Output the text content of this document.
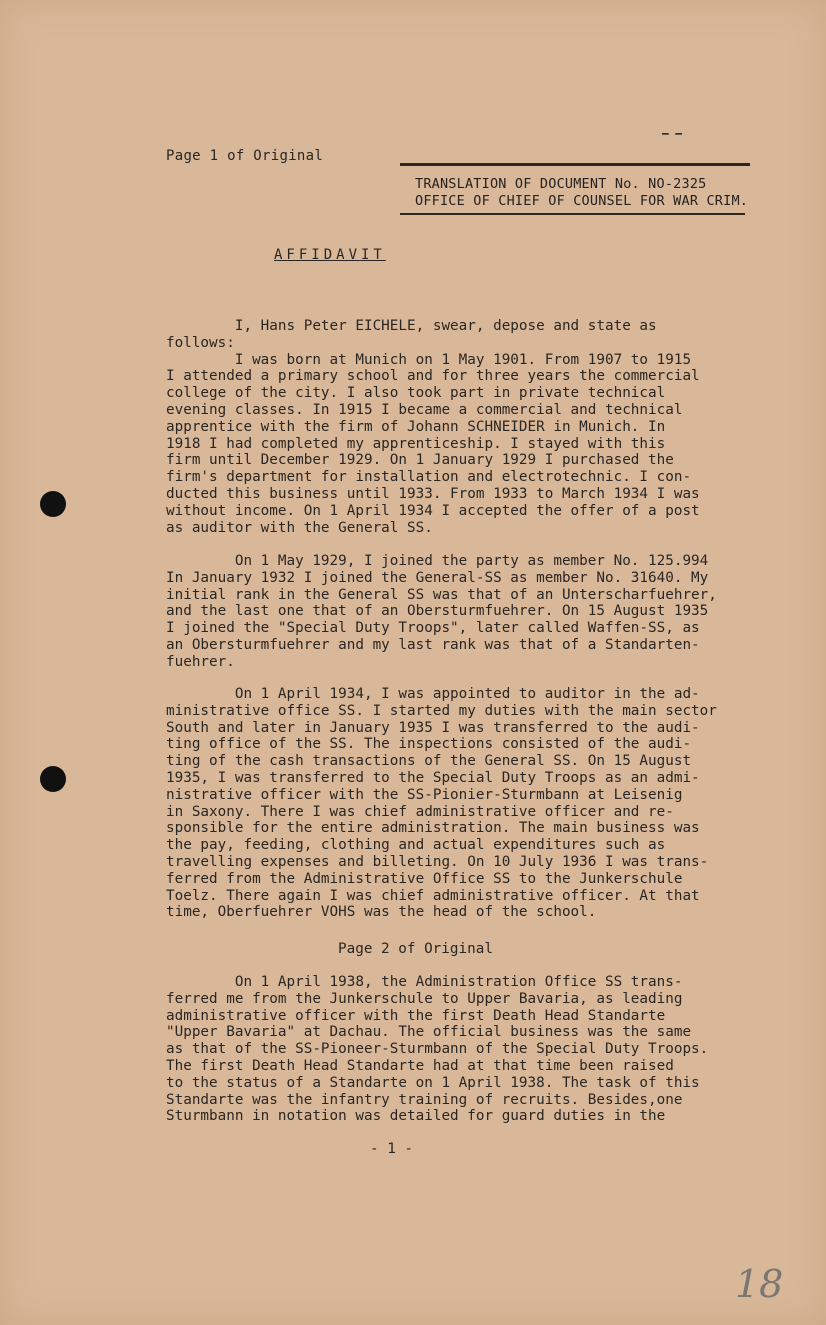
▁ ▁
Page 1 of Original
TRANSLATION OF DOCUMENT No. NO-2325
OFFICE OF CHIEF OF COUNSEL FOR WAR CRIM.
AFFIDAVIT
I, Hans Peter EICHELE, swear, depose and state as
follows:
I was born at Munich on 1 May 1901. From 1907 to 1915
I attended a primary school and for three years the commercial
college of the city. I also took part in private technical
evening classes. In 1915 I became a commercial and technical
apprentice with the firm of Johann SCHNEIDER in Munich. In
1918 I had completed my apprenticeship. I stayed with this
firm until December 1929. On 1 January 1929 I purchased the
firm's department for installation and electrotechnic. I con-
ducted this business until 1933. From 1933 to March 1934 I was
without income. On 1 April 1934 I accepted the offer of a post
as auditor with the General SS.
On 1 May 1929, I joined the party as member No. 125.994
In January 1932 I joined the General-SS as member No. 31640. My
initial rank in the General SS was that of an Unterscharfuehrer,
and the last one that of an Obersturmfuehrer. On 15 August 1935
I joined the "Special Duty Troops", later called Waffen-SS, as
an Obersturmfuehrer and my last rank was that of a Standarten-
fuehrer.
On 1 April 1934, I was appointed to auditor in the ad-
ministrative office SS. I started my duties with the main sector
South and later in January 1935 I was transferred to the audi-
ting office of the SS. The inspections consisted of the audi-
ting of the cash transactions of the General SS. On 15 August
1935, I was transferred to the Special Duty Troops as an admi-
nistrative officer with the SS-Pionier-Sturmbann at Leisenig
in Saxony. There I was chief administrative officer and re-
sponsible for the entire administration. The main business was
the pay, feeding, clothing and actual expenditures such as
travelling expenses and billeting. On 10 July 1936 I was trans-
ferred from the Administrative Office SS to the Junkerschule
Toelz. There again I was chief administrative officer. At that
time, Oberfuehrer VOHS was the head of the school.
Page 2 of Original
On 1 April 1938, the Administration Office SS trans-
ferred me from the Junkerschule to Upper Bavaria, as leading
administrative officer with the first Death Head Standarte
"Upper Bavaria" at Dachau. The official business was the same
as that of the SS-Pioneer-Sturmbann of the Special Duty Troops.
The first Death Head Standarte had at that time been raised
to the status of a Standarte on 1 April 1938. The task of this
Standarte was the infantry training of recruits. Besides,one
Sturmbann in notation was detailed for guard duties in the
- 1 -
18
